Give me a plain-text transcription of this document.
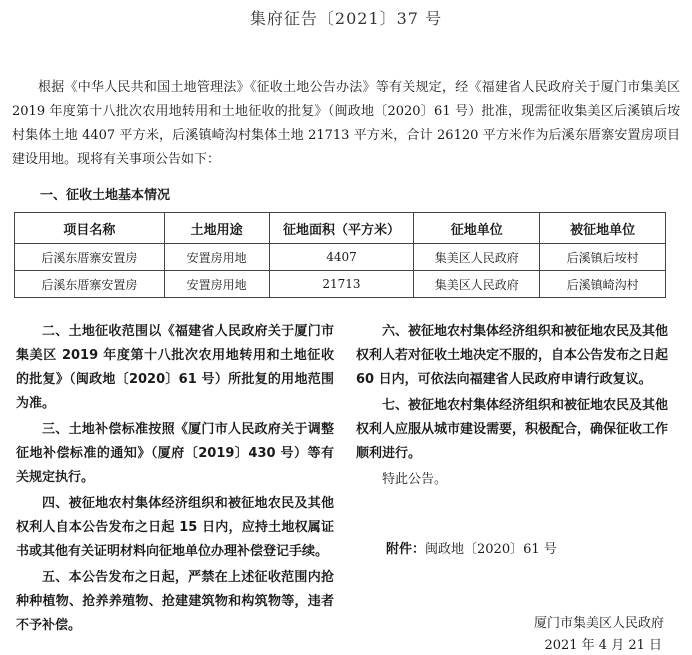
集府征告〔2021〕37 号
根据《中华人民共和国土地管理法》《征收土地公告办法》等有关规定，经《福建省人民政府关于厦门市集美区 2019 年度第十八批次农用地转用和土地征收的批复》（闽政地〔2020〕61 号）批准，现需征收集美区后溪镇后垵村集体土地 4407 平方米，后溪镇崎沟村集体土地 21713 平方米，合计 26120 平方米作为后溪东厝寨安置房项目建设用地。现将有关事项公告如下：
一、征收土地基本情况
项目名称	土地用途	征地面积（平方米）	征地单位	被征地单位
后溪东厝寨安置房	安置房用地	4407	集美区人民政府	后溪镇后垵村
后溪东厝寨安置房	安置房用地	21713	集美区人民政府	后溪镇崎沟村

二、土地征收范围以《福建省人民政府关于厦门市集美区 2019 年度第十八批次农用地转用和土地征收的批复》（闽政地〔2020〕61 号）所批复的用地范围为准。

三、土地补偿标准按照《厦门市人民政府关于调整征地补偿标准的通知》（厦府〔2019〕430 号）等有关规定执行。

四、被征地农村集体经济组织和被征地农民及其他权利人自本公告发布之日起 15 日内，应持土地权属证书或其他有关证明材料向征地单位办理补偿登记手续。

五、本公告发布之日起，严禁在上述征收范围内抢种种植物、抢养养殖物、抢建建筑物和构筑物等，违者不予补偿。

六、被征地农村集体经济组织和被征地农民及其他权利人若对征收土地决定不服的，自本公告发布之日起 60 日内，可依法向福建省人民政府申请行政复议。

七、被征地农村集体经济组织和被征地农民及其他权利人应服从城市建设需要，积极配合，确保征收工作顺利进行。

特此公告。

附件：闽政地〔2020〕61 号
厦门市集美区人民政府
2021 年 4 月 21 日
